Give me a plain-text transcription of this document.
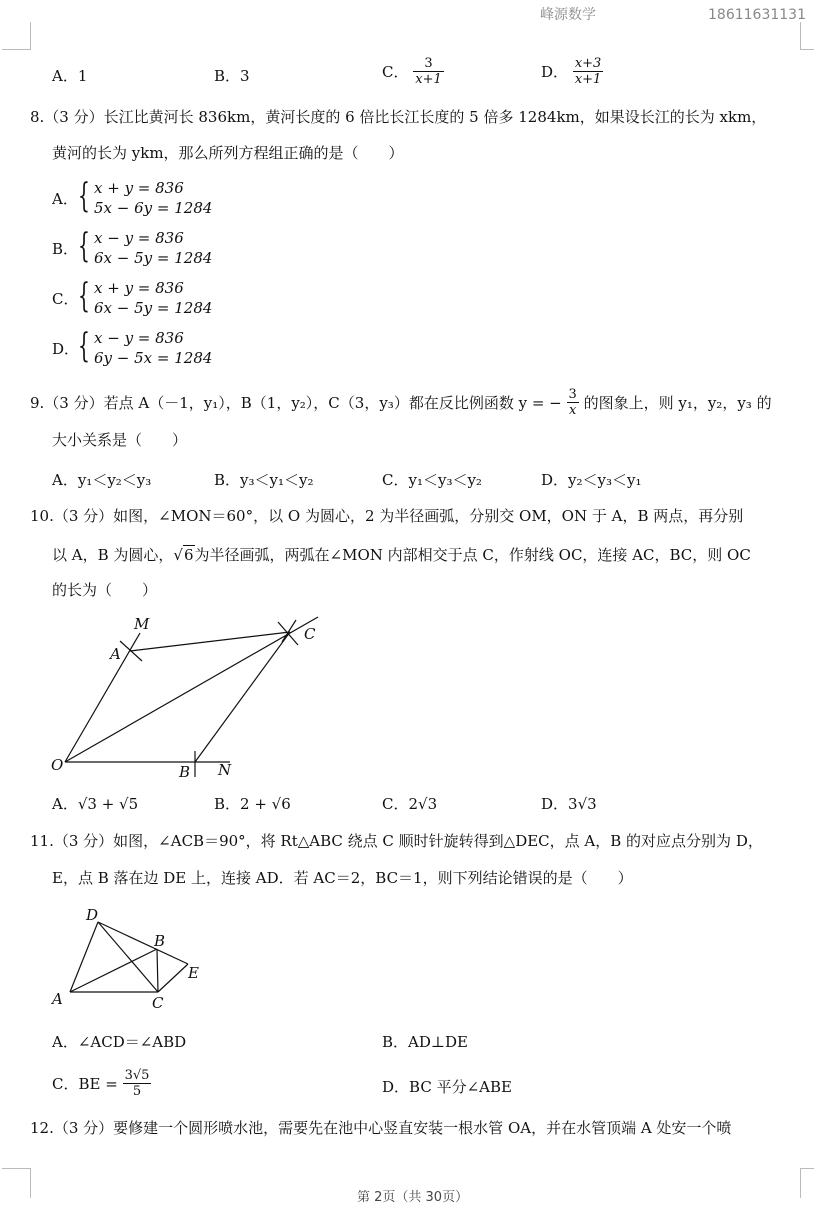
峰源数学	18611631131
A．1	B．3	C． $\frac{3}{x+1}$	D． $\frac{x+3}{x+1}$
8.（3 分）长江比黄河长 836km，黄河长度的 6 倍比长江长度的 5 倍多 1284km，如果设长江的长为 xkm，
黄河的长为 ykm，那么所列方程组正确的是（　　）
A． { x + y = 836
5x − 6y = 1284
B． { x − y = 836
6x − 5y = 1284
C． { x + y = 836
6x − 5y = 1284
D．
{ x − y = 836
6y − 5x = 1284
9.（3 分）若点 A（－1，y₁），B（1，y₂），C（3，y₃）都在反比例函数 y = − $\frac{3}{x}$ 的图象上，则 y₁，y₂，y₃ 的
大小关系是（　　）
A．y₁＜y₂＜y₃	B．y₃＜y₁＜y₂	C．y₁＜y₃＜y₂	D．y₂＜y₃＜y₁
10.（3 分）如图，∠MON＝60°，以 O 为圆心，2 为半径画弧，分别交 OM，ON 于 A，B 两点，再分别
以 A，B 为圆心，√6为半径画弧，两弧在∠MON 内部相交于点 C，作射线 OC，连接 AC，BC，则 OC
的长为（　　）
M
A
C
O	B N
A．√3 + √5	B．2 + √6	C．2√3	D．3√3
11.（3 分）如图，∠ACB＝90°，将 Rt△ABC 绕点 C 顺时针旋转得到△DEC，点 A，B 的对应点分别为 D，
E，点 B 落在边 DE 上，连接 AD．若 AC＝2，BC＝1，则下列结论错误的是（　　）
D
B
E
A	C
A．∠ACD＝∠ABD	B．AD⊥DE
C．BE = $\frac{3√5}{5}$	D．BC 平分∠ABE
12.（3 分）要修建一个圆形喷水池，需要先在池中心竖直安装一根水管 OA，并在水管顶端 A 处安一个喷
第 2页（共 30页）
